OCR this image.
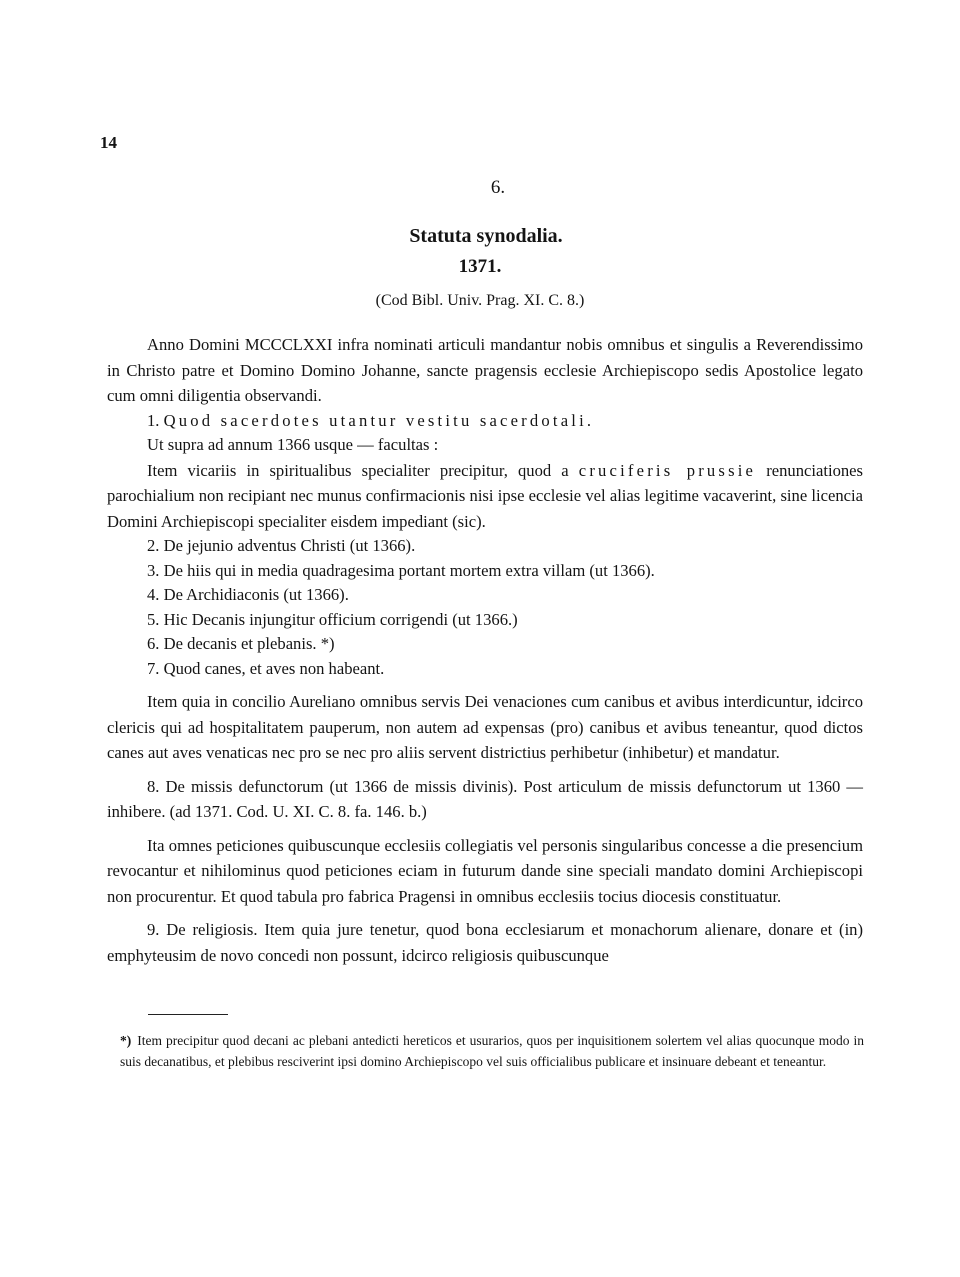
14
6.
Statuta synodalia.
1371.
(Cod Bibl. Univ. Prag. XI. C. 8.)

Anno Domini MCCCLXXI infra nominati articuli mandantur nobis omnibus et singulis a Reverendissimo in Christo patre et Domino Domino Johanne, sancte pragensis ecclesie Archiepiscopo sedis Apostolice legato cum omni diligentia observandi.

1. Quod sacerdotes utantur vestitu sacerdotali.

Ut supra ad annum 1366 usque — facultas :

Item vicariis in spiritualibus specialiter precipitur, quod a cruciferis prussie renunciationes parochialium non recipiant nec munus confirmacionis nisi ipse ecclesie vel alias legitime vacaverint, sine licencia Domini Archiepiscopi specialiter eisdem impediant (sic).

2. De jejunio adventus Christi (ut 1366).

3. De hiis qui in media quadragesima portant mortem extra villam (ut 1366).

4. De Archidiaconis (ut 1366).

5. Hic Decanis injungitur officium corrigendi (ut 1366.)

6. De decanis et plebanis. *)

7. Quod canes, et aves non habeant.

Item quia in concilio Aureliano omnibus servis Dei venaciones cum canibus et avibus interdicuntur, idcirco clericis qui ad hospitalitatem pauperum, non autem ad expensas (pro) canibus et avibus teneantur, quod dictos canes aut aves venaticas nec pro se nec pro aliis servent districtius perhibetur (inhibetur) et mandatur.

8. De missis defunctorum (ut 1366 de missis divinis). Post articulum de missis defunctorum ut 1360 — inhibere. (ad 1371. Cod. U. XI. C. 8. fa. 146. b.)

Ita omnes peticiones quibuscunque ecclesiis collegiatis vel personis singularibus concesse a die presencium revocantur et nihilominus quod peticiones eciam in futurum dande sine speciali mandato domini Archiepiscopi non procurentur. Et quod tabula pro fabrica Pragensi in omnibus ecclesiis tocius diocesis constituatur.

9. De religiosis. Item quia jure tenetur, quod bona ecclesiarum et monachorum alienare, donare et (in) emphyteusim de novo concedi non possunt, idcirco religiosis quibuscunque

*) Item precipitur quod decani ac plebani antedicti hereticos et usurarios, quos per inquisitionem solertem vel alias quocunque modo in suis decanatibus, et plebibus resciverint ipsi domino Archiepiscopo vel suis officialibus publicare et insinuare debeant et teneantur.
